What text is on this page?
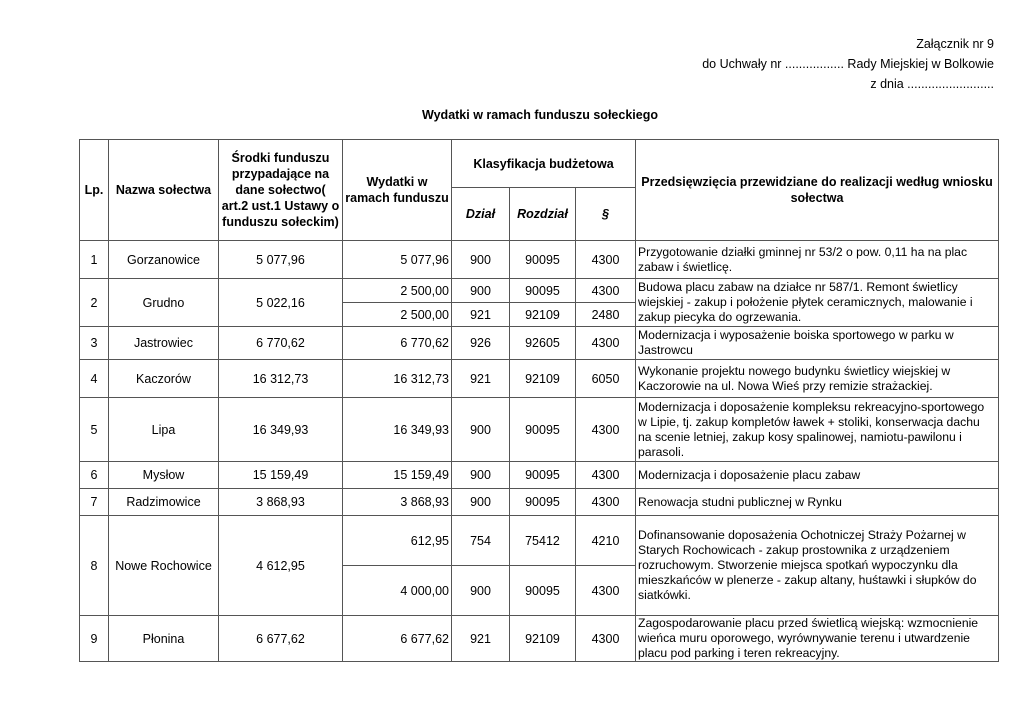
Załącznik nr 9
do Uchwały nr ................. Rady Miejskiej w Bolkowie
z dnia .........................
Wydatki w ramach funduszu sołeckiego
Lp.	Nazwa sołectwa	Środki funduszu przypadające na dane sołectwo( art.2 ust.1 Ustawy o funduszu sołeckim)	Wydatki w ramach funduszu	Klasyfikacja budżetowa			Przedsięwzięcia przewidziane do realizacji według wniosku sołectwa
				Dział	Rozdział	§	
1	Gorzanowice	5 077,96	5 077,96	900	90095	4300	Przygotowanie działki gminnej nr 53/2 o pow. 0,11 ha na plac zabaw i świetlicę.
2	Grudno	5 022,16	2 500,00	900	90095	4300	Budowa placu zabaw na działce nr 587/1. Remont świetlicy wiejskiej - zakup i położenie płytek ceramicznych, malowanie i zakup piecyka do ogrzewania.
			2 500,00	921	92109	2480	
3	Jastrowiec	6 770,62	6 770,62	926	92605	4300	Modernizacja i wyposażenie boiska sportowego w parku w Jastrowcu
4	Kaczorów	16 312,73	16 312,73	921	92109	6050	Wykonanie projektu nowego budynku świetlicy wiejskiej w Kaczorowie na ul. Nowa Wieś przy remizie strażackiej.
5	Lipa	16 349,93	16 349,93	900	90095	4300	Modernizacja i doposażenie kompleksu rekreacyjno-sportowego w Lipie, tj. zakup kompletów ławek + stoliki, konserwacja dachu na scenie letniej, zakup kosy spalinowej, namiotu-pawilonu i parasoli.
6	Mysłow	15 159,49	15 159,49	900	90095	4300	Modernizacja i doposażenie placu zabaw
7	Radzimowice	3 868,93	3 868,93	900	90095	4300	Renowacja studni publicznej w Rynku
8	Nowe Rochowice	4 612,95	612,95	754	75412	4210	Dofinansowanie doposażenia Ochotniczej Straży Pożarnej w Starych Rochowicach - zakup prostownika z urządzeniem rozruchowym. Stworzenie miejsca spotkań wypoczynku dla mieszkańców w plenerze - zakup altany, huśtawki i słupków do siatkówki.
			4 000,00	900	90095	4300	
9	Płonina	6 677,62	6 677,62	921	92109	4300	Zagospodarowanie placu przed świetlicą wiejską: wzmocnienie wieńca muru oporowego, wyrównywanie terenu i utwardzenie placu pod parking i teren rekreacyjny.
